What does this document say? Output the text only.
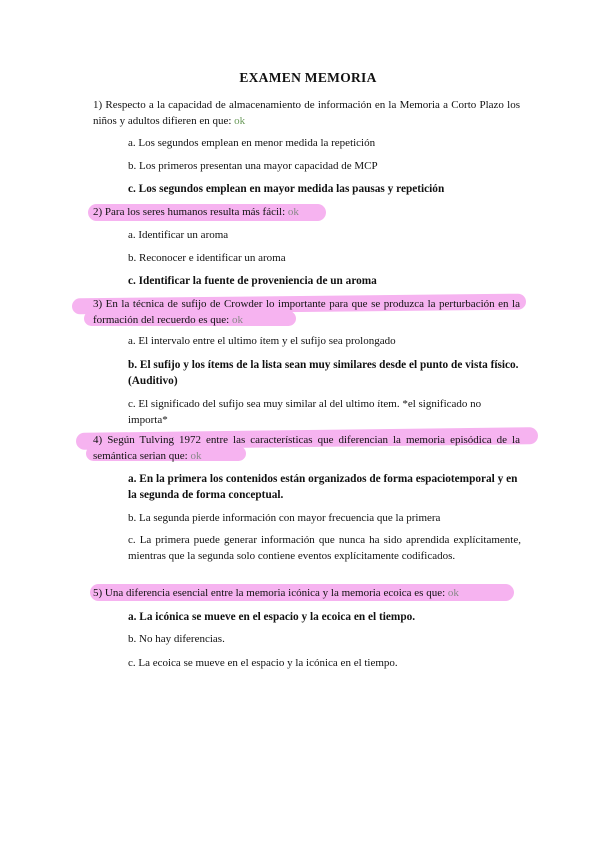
EXAMEN MEMORIA
1) Respecto a la capacidad de almacenamiento de información en la Memoria a Corto Plazo los niños y adultos difieren en que: ok
a. Los segundos emplean en menor medida la repetición
b. Los primeros presentan una mayor capacidad de MCP
c. Los segundos emplean en mayor medida las pausas y repetición
2) Para los seres humanos resulta más fácil: ok
a. Identificar un aroma
b. Reconocer e identificar un aroma
c. Identificar la fuente de proveniencia de un aroma
3) En la técnica de sufijo de Crowder lo importante para que se produzca la perturbación en la formación del recuerdo es que: ok
a. El intervalo entre el ultimo ítem y el sufijo sea prolongado
b. El sufijo y los ítems de la lista sean muy similares desde el punto de vista físico. (Auditivo)
c. El significado del sufijo sea muy similar al del ultimo ítem. *el significado no importa*
4) Según Tulving 1972 entre las características que diferencian la memoria episódica de la semántica serian que: ok
a. En la primera los contenidos están organizados de forma espaciotemporal y en la segunda de forma conceptual.
b. La segunda pierde información con mayor frecuencia que la primera
c. La primera puede generar información que nunca ha sido aprendida explícitamente, mientras que la segunda solo contiene eventos explícitamente codificados.
5) Una diferencia esencial entre la memoria icónica y la memoria ecoica es que: ok
a. La icónica se mueve en el espacio y la ecoica en el tiempo.
b. No hay diferencias.
c. La ecoica se mueve en el espacio y la icónica en el tiempo.
